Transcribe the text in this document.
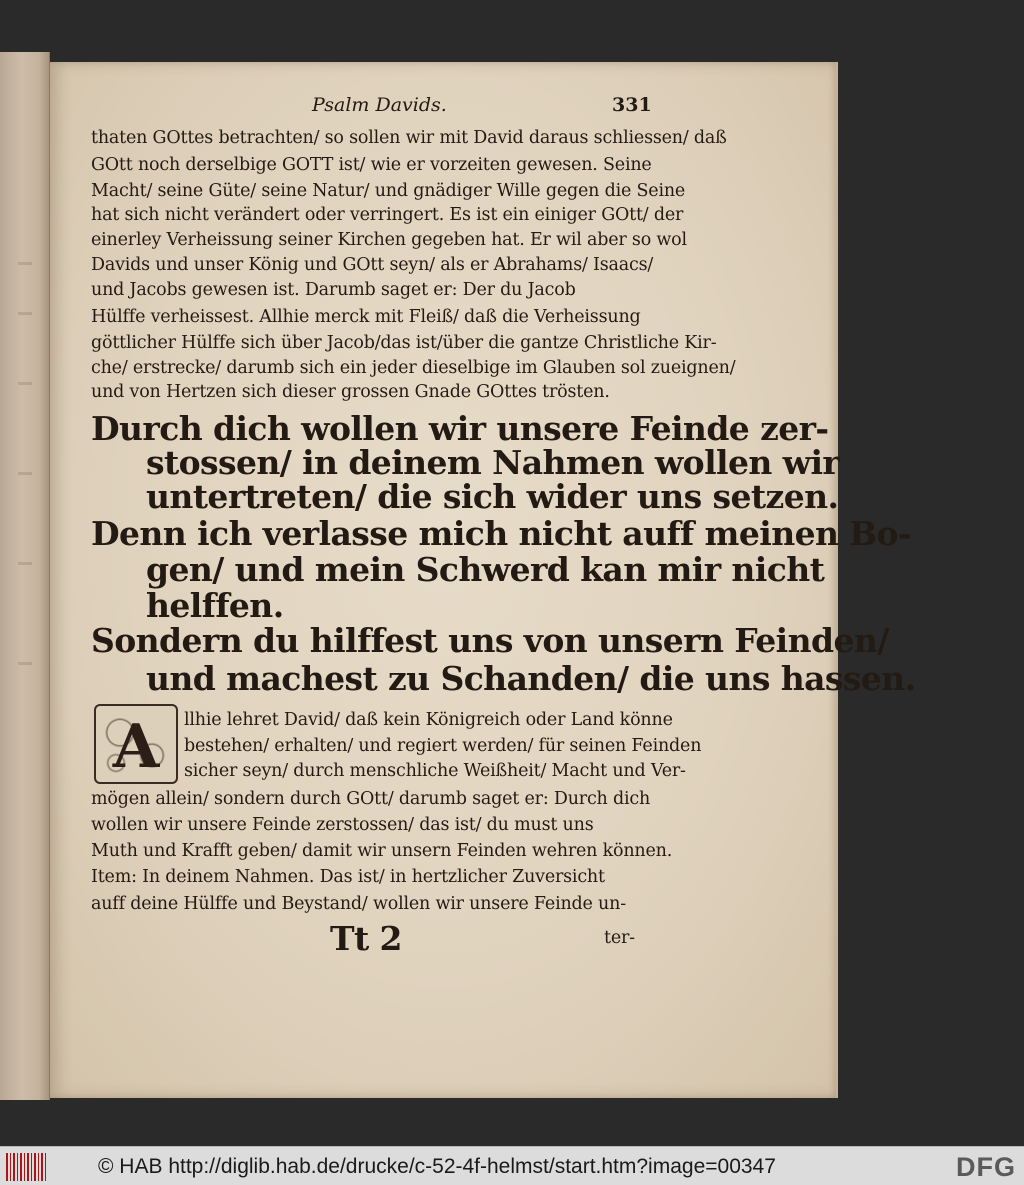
Psalm Davids.	331
thaten GOttes betrachten/ so sollen wir mit David daraus schliessen/ daß
GOtt noch derselbige GOTT ist/ wie er vorzeiten gewesen. Seine
Macht/ seine Güte/ seine Natur/ und gnädiger Wille gegen die Seine
hat sich nicht verändert oder verringert. Es ist ein einiger GOtt/ der
einerley Verheissung seiner Kirchen gegeben hat. Er wil aber so wol
Davids und unser König und GOtt seyn/ als er Abrahams/ Isaacs/
und Jacobs gewesen ist. Darumb saget er: Der du Jacob
Hülffe verheissest. Allhie merck mit Fleiß/ daß die Verheissung
göttlicher Hülffe sich über Jacob/das ist/über die gantze Christliche Kir-
che/ erstrecke/ darumb sich ein jeder dieselbige im Glauben sol zueignen/
und von Hertzen sich dieser grossen Gnade GOttes trösten.
Durch dich wollen wir unsere Feinde zer-
stossen/ in deinem Nahmen wollen wir
untertreten/ die sich wider uns setzen.
Denn ich verlasse mich nicht auff meinen Bo-
gen/ und mein Schwerd kan mir nicht
helffen.
Sondern du hilffest uns von unsern Feinden/
und machest zu Schanden/ die uns hassen.
A	llhie lehret David/ daß kein Königreich oder Land könne
bestehen/ erhalten/ und regiert werden/ für seinen Feinden
sicher seyn/ durch menschliche Weißheit/ Macht und Ver-
mögen allein/ sondern durch GOtt/ darumb saget er: Durch dich
wollen wir unsere Feinde zerstossen/ das ist/ du must uns
Muth und Krafft geben/ damit wir unsern Feinden wehren können.
Item: In deinem Nahmen. Das ist/ in hertzlicher Zuversicht
auff deine Hülffe und Beystand/ wollen wir unsere Feinde un-
Tt 2	ter-
© HAB http://diglib.hab.de/drucke/c-52-4f-helmst/start.htm?image=00347	DFG
